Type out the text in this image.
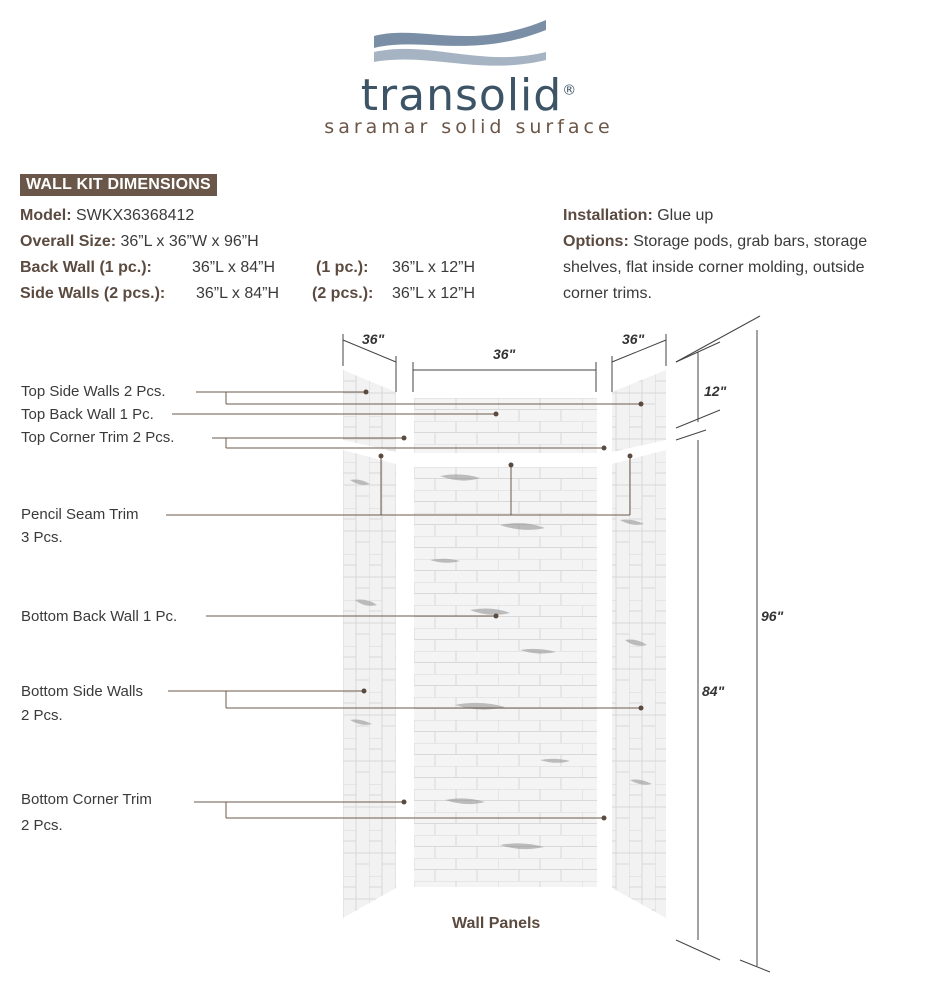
transolid®
saramar solid surface
WALL KIT DIMENSIONS
Model: SWKX36368412
Overall Size: 36”L x 36”W x 96”H
Back Wall (1 pc.):	36”L x 84”H	(1 pc.): 36”L x 12”H
Side Walls (2 pcs.): 36”L x 84”H (2 pcs.): 36”L x 12”H
Installation: Glue up
Options: Storage pods, grab bars, storage
shelves, flat inside corner molding, outside
corner trims.
36"
36"
36"
12"
84"
96"
Top Side Walls 2 Pcs.
Top Back Wall 1 Pc.
Top Corner Trim 2 Pcs.
Pencil Seam Trim
3 Pcs.
Bottom Back Wall 1 Pc.
Bottom Side Walls
2 Pcs.
Bottom Corner Trim
2 Pcs.
Wall Panels
